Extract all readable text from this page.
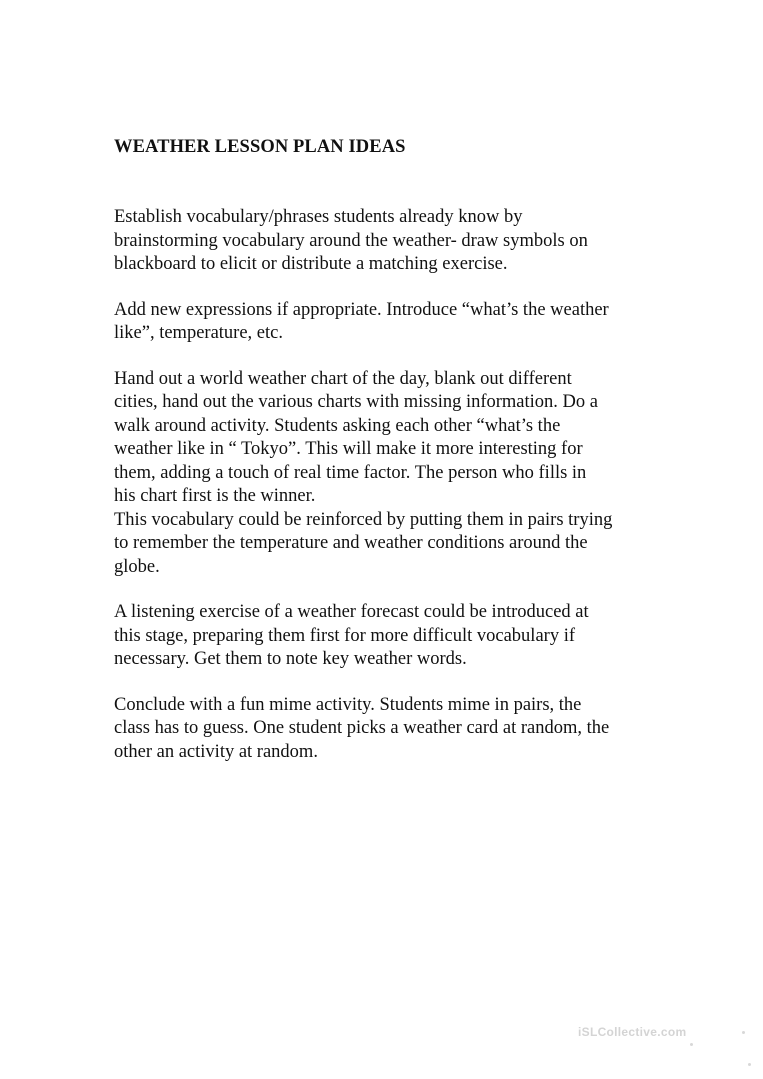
WEATHER LESSON PLAN IDEAS
Establish vocabulary/phrases students already know by
brainstorming vocabulary around the weather- draw symbols on
blackboard to elicit or distribute a matching exercise.
Add new expressions if appropriate. Introduce “what’s the weather
like”, temperature, etc.
Hand out a world weather chart of the day, blank out different
cities, hand out the various charts with missing information. Do a
walk around activity. Students asking each other “what’s the
weather like in “ Tokyo”. This will make it more interesting for
them, adding a touch of real time factor. The person who fills in
his chart first is the winner.
This vocabulary could be reinforced by putting them in pairs trying
to remember the temperature and weather conditions around the
globe.
A listening exercise of a weather forecast could be introduced at
this stage, preparing them first for more difficult vocabulary if
necessary. Get them to note key weather words.
Conclude with a fun mime activity. Students mime in pairs, the
class has to guess. One student picks a weather card at random, the
other an activity at random.
iSLCollective.com
